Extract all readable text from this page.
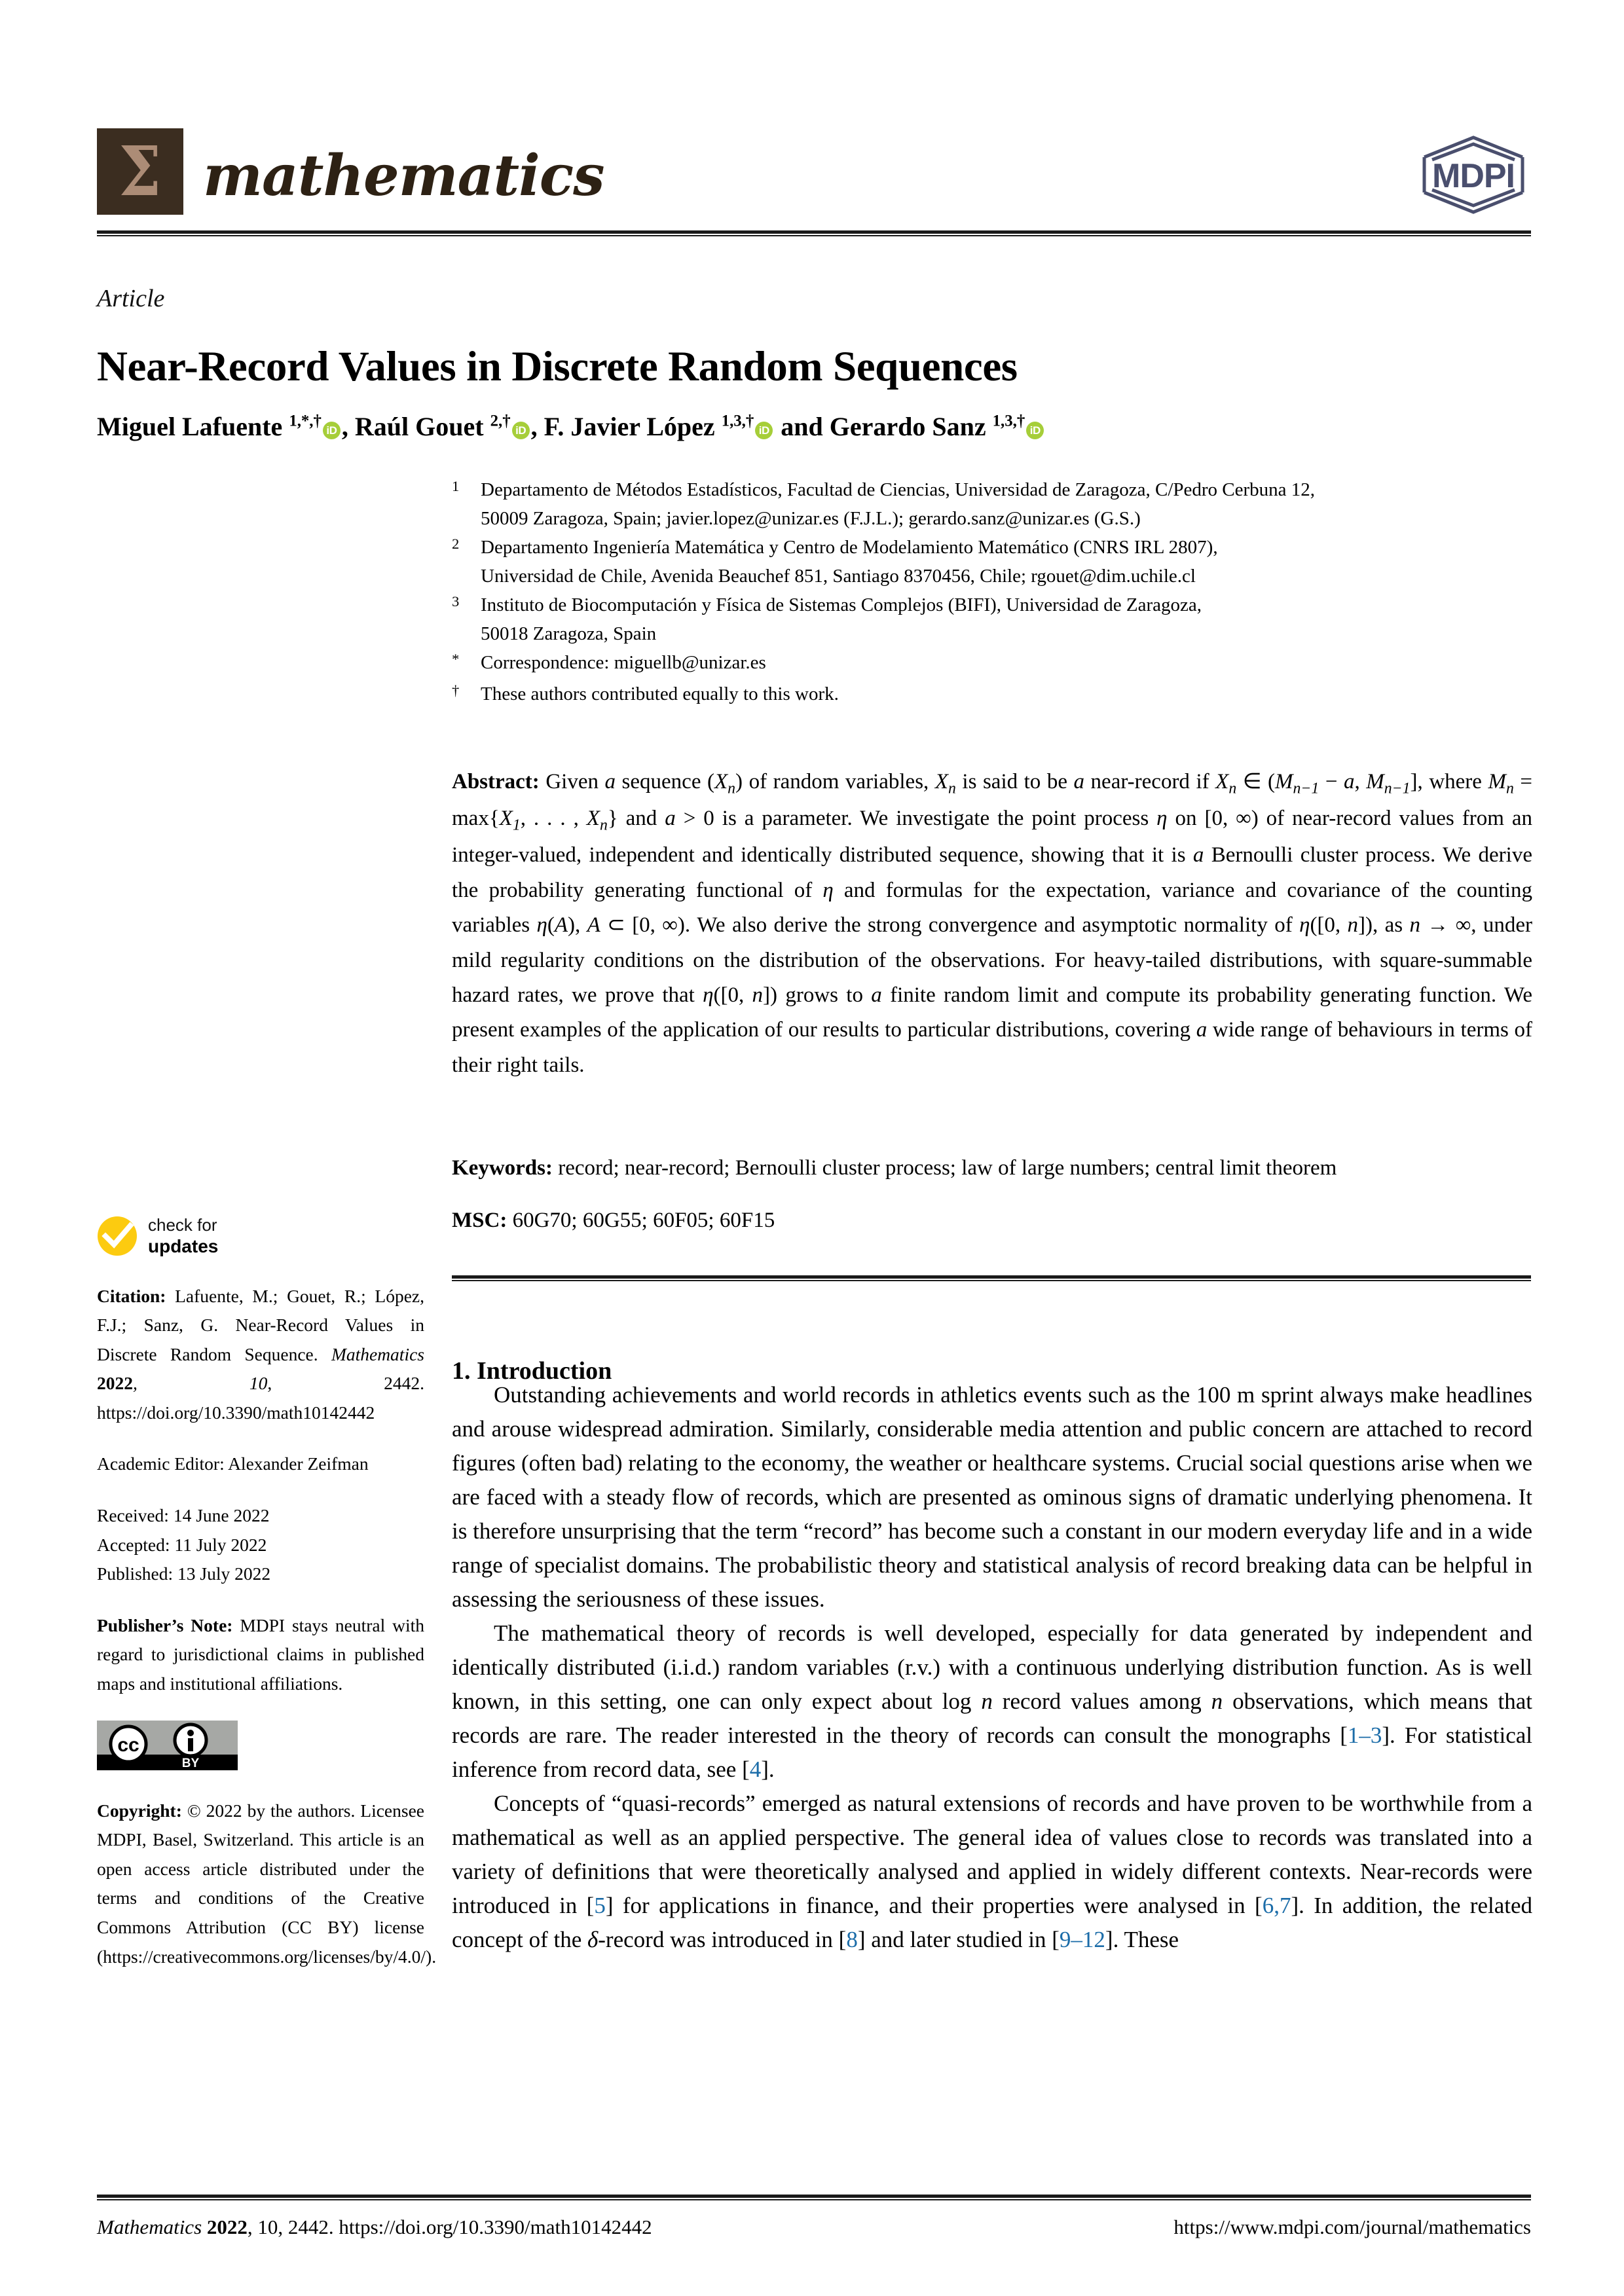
Σ mathematics	MDPI
Article
Near-Record Values in Discrete Random Sequences
Miguel Lafuente $^{1,*,\dagger}$iD , Raúl Gouet $^{2,\dagger}$iD , F. Javier López $^{1,3,\dagger}$iD and Gerardo Sanz $^{1,3,\dagger}$iD
$^1$	Departamento de Métodos Estadísticos, Facultad de Ciencias, Universidad de Zaragoza, C/Pedro Cerbuna 12,
50009 Zaragoza, Spain; javier.lopez@unizar.es (F.J.L.); gerardo.sanz@unizar.es (G.S.)
$^2$	Departamento Ingeniería Matemática y Centro de Modelamiento Matemático (CNRS IRL 2807),
Universidad de Chile, Avenida Beauchef 851, Santiago 8370456, Chile; rgouet@dim.uchile.cl
$^3$	Instituto de Biocomputación y Física de Sistemas Complejos (BIFI), Universidad de Zaragoza,
50018 Zaragoza, Spain
*	Correspondence: miguellb@unizar.es
†	These authors contributed equally to this work.
Abstract: Given a sequence $(X_n)$ of random variables, $X_n$ is said to be a near-record if $X_n$ ∈ ($M_{n-1} - a$, $M_{n-1}$], where $M_n = \max\{X_1$, . . . , $X_n$} and a > 0 is a parameter. We investigate the point process η on [0, ∞) of near-record values from an integer-valued, independent and identically distributed sequence, showing that it is a Bernoulli cluster process. We derive the probability generating functional of η and formulas for the expectation, variance and covariance of the counting variables η(A), A ⊂ [0, ∞). We also derive the strong convergence and asymptotic normality of η([0, n]), as n → ∞, under mild regularity conditions on the distribution of the observations. For heavy-tailed distributions, with square-summable hazard rates, we prove that η([0, n]) grows to a finite random limit and compute its probability generating function. We present examples of the application of our results to particular distributions, covering a wide range of behaviours in terms of their right tails.
Keywords: record; near-record; Bernoulli cluster process; law of large numbers; central limit theorem
MSC: 60G70; 60G55; 60F05; 60F15
check for
updates
Citation: Lafuente, M.; Gouet, R.; López, F.J.; Sanz, G. Near-Record Values in Discrete Random Sequence. Mathematics 2022,	10, 2442. https://doi.org/10.3390/math10142442
Academic Editor: Alexander Zeifman
Received: 14 June 2022
Accepted: 11 July 2022
Published: 13 July 2022
Publisher’s Note: MDPI stays neutral with regard to jurisdictional claims in published maps and institutional affiliations.
cc
BY
Copyright: © 2022 by the authors. Licensee MDPI, Basel, Switzerland. This article is an open access article distributed under the terms and conditions of the Creative Commons Attribution (CC BY) license (https://creativecommons.org/licenses/by/4.0/).
1. Introduction

Outstanding achievements and world records in athletics events such as the 100 m sprint always make headlines and arouse widespread admiration. Similarly, considerable media attention and public concern are attached to record figures (often bad) relating to the economy, the weather or healthcare systems. Crucial social questions arise when we are faced with a steady flow of records, which are presented as ominous signs of dramatic underlying phenomena. It is therefore unsurprising that the term “record” has become such a constant in our modern everyday life and in a wide range of specialist domains. The probabilistic theory and statistical analysis of record breaking data can be helpful in assessing the seriousness of these issues.

The mathematical theory of records is well developed, especially for data generated by independent and identically distributed (i.i.d.) random variables (r.v.) with a continuous underlying distribution function. As is well known, in this setting, one can only expect about log n record values among n observations, which means that records are rare. The reader interested in the theory of records can consult the monographs [1–3]. For statistical inference from record data, see [4].

Concepts of “quasi-records” emerged as natural extensions of records and have proven to be worthwhile from a mathematical as well as an applied perspective. The general idea of values close to records was translated into a variety of definitions that were theoretically analysed and applied in widely different contexts. Near-records were introduced in [5] for applications in finance, and their properties were analysed in [6,7]. In addition, the related concept of the δ-record was introduced in [8] and later studied in [9–12]. These

Mathematics 2022, 10, 2442. https://doi.org/10.3390/math10142442	https://www.mdpi.com/journal/mathematics
